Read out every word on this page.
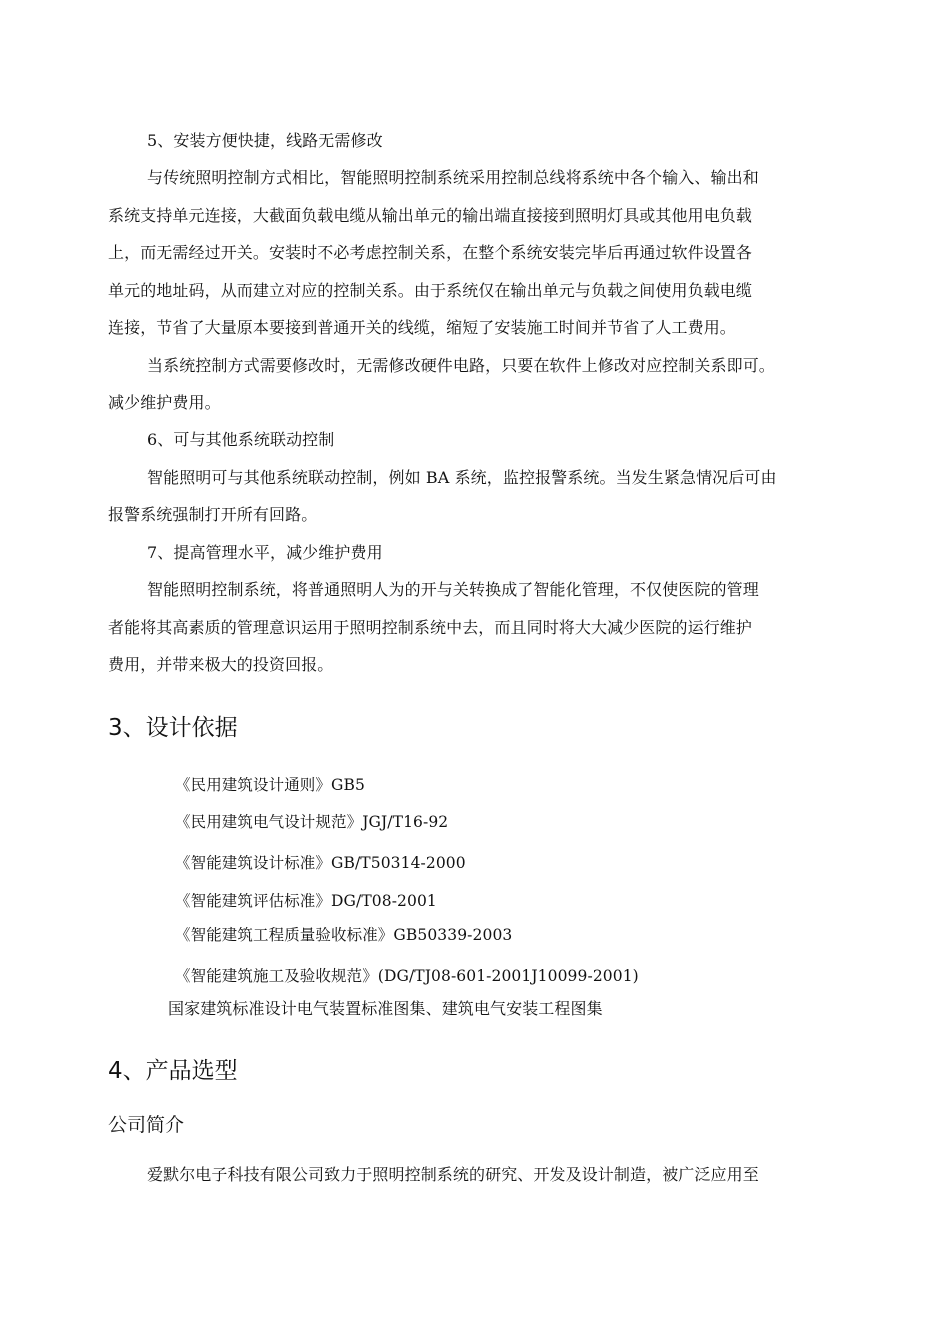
5、安装方便快捷，线路无需修改
与传统照明控制方式相比，智能照明控制系统采用控制总线将系统中各个输入、输出和
系统支持单元连接，大截面负载电缆从输出单元的输出端直接接到照明灯具或其他用电负载
上，而无需经过开关。安装时不必考虑控制关系，在整个系统安装完毕后再通过软件设置各
单元的地址码，从而建立对应的控制关系。由于系统仅在输出单元与负载之间使用负载电缆
连接，节省了大量原本要接到普通开关的线缆，缩短了安装施工时间并节省了人工费用。
当系统控制方式需要修改时，无需修改硬件电路，只要在软件上修改对应控制关系即可。
减少维护费用。
6、可与其他系统联动控制
智能照明可与其他系统联动控制，例如 BA 系统，监控报警系统。当发生紧急情况后可由
报警系统强制打开所有回路。
7、提高管理水平，减少维护费用
智能照明控制系统，将普通照明人为的开与关转换成了智能化管理，不仅使医院的管理
者能将其高素质的管理意识运用于照明控制系统中去，而且同时将大大减少医院的运行维护
费用，并带来极大的投资回报。
3、设计依据
《民用建筑设计通则》GB5
《民用建筑电气设计规范》JGJ/T16-92
《智能建筑设计标准》GB/T50314-2000
《智能建筑评估标准》DG/T08-2001
《智能建筑工程质量验收标准》GB50339-2003
《智能建筑施工及验收规范》(DG/TJ08-601-2001J10099-2001)
国家建筑标准设计电气装置标准图集、建筑电气安装工程图集
4、产品选型
公司简介
爱默尔电子科技有限公司致力于照明控制系统的研究、开发及设计制造，被广泛应用至
